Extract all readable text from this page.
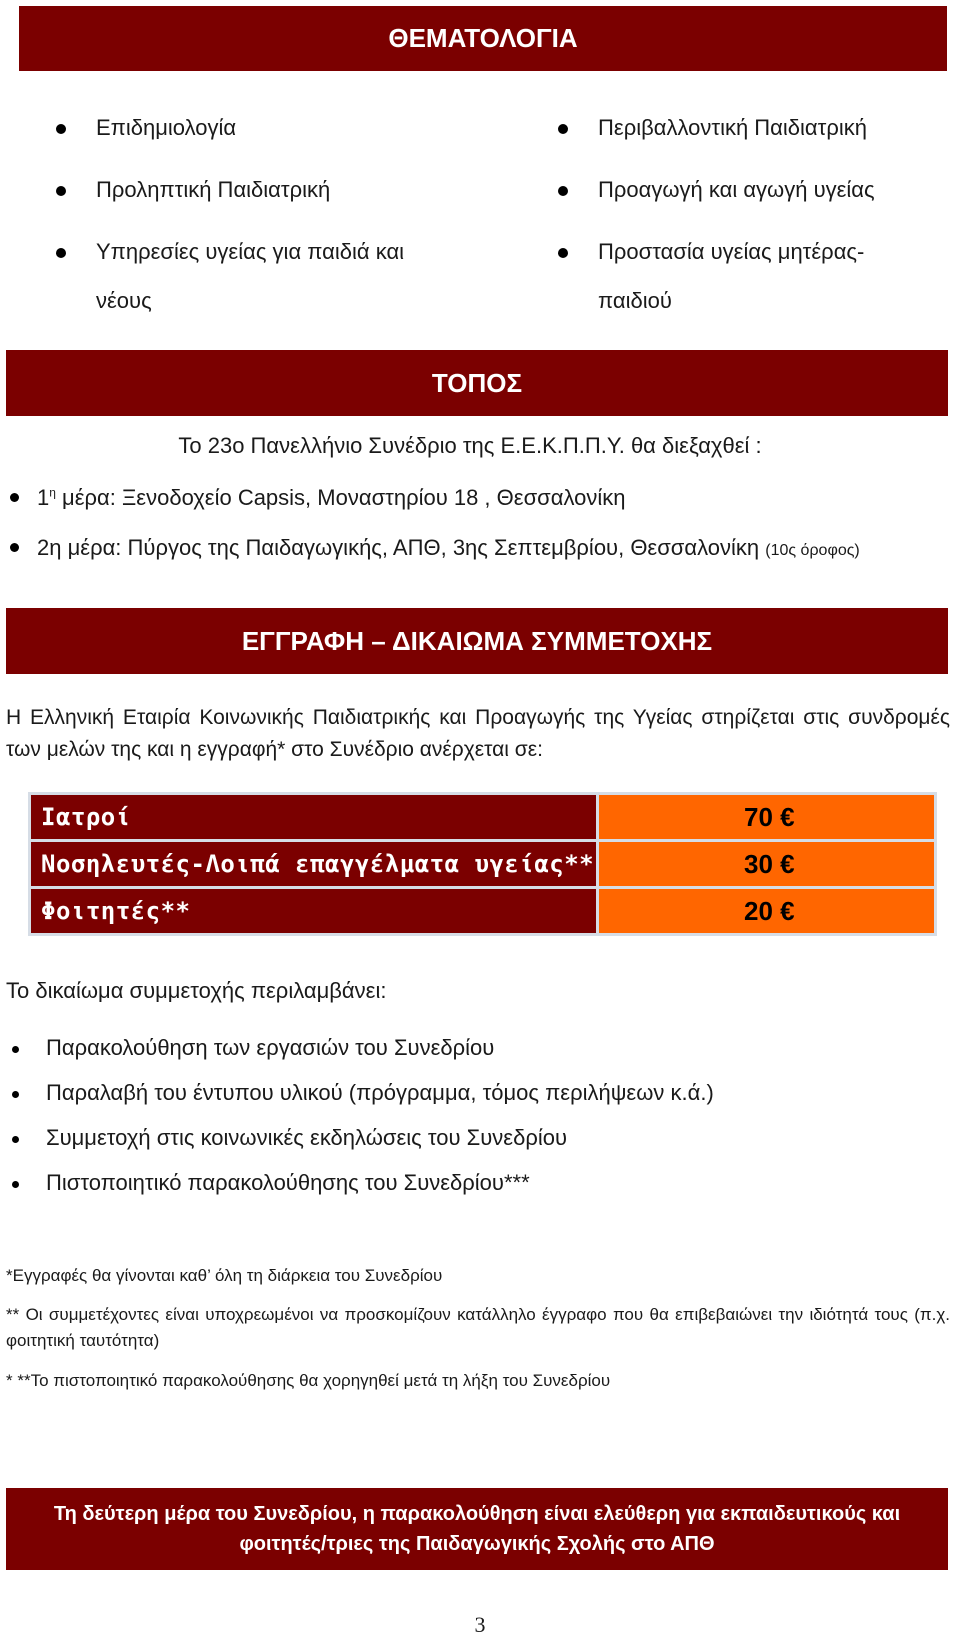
ΘΕΜΑΤΟΛΟΓΙΑ
Επιδημιολογία
Προληπτική Παιδιατρική
Υπηρεσίες υγείας για παιδιά και
νέους
Περιβαλλοντική Παιδιατρική
Προαγωγή και αγωγή υγείας
Προστασία υγείας μητέρας-
παιδιού
ΤΟΠΟΣ
Το 23ο Πανελλήνιο Συνέδριο της Ε.Ε.Κ.Π.Π.Υ. θα διεξαχθεί :
$1^\eta$ μέρα: Ξενοδοχείο Capsis, Μοναστηρίου 18 , Θεσσαλονίκη
2η μέρα: Πύργος της Παιδαγωγικής, ΑΠΘ, 3ης Σεπτεμβρίου, Θεσσαλονίκη (10ς όροφος)
ΕΓΓΡΑΦΗ – ΔΙΚΑΙΩΜΑ ΣΥΜΜΕΤΟΧΗΣ
Η Ελληνική Εταιρία Κοινωνικής Παιδιατρικής και Προαγωγής της Υγείας στηρίζεται στις συνδρομές των μελών της και η εγγραφή* στο Συνέδριο ανέρχεται σε:
Ιατροί	70 €
Νοσηλευτές-Λοιπά επαγγέλματα υγείας**	30 €
Φοιτητές**	20 €
Το δικαίωμα συμμετοχής περιλαμβάνει:
Παρακολούθηση των εργασιών του Συνεδρίου
Παραλαβή του έντυπου υλικού (πρόγραμμα, τόμος περιλήψεων κ.ά.)
Συμμετοχή στις κοινωνικές εκδηλώσεις του Συνεδρίου
Πιστοποιητικό παρακολούθησης του Συνεδρίου***
*Εγγραφές θα γίνονται καθ’ όλη τη διάρκεια του Συνεδρίου
** Οι συμμετέχοντες είναι υποχρεωμένοι να προσκομίζουν κατάλληλο έγγραφο που θα επιβεβαιώνει την ιδιότητά τους (π.χ. φοιτητική ταυτότητα)
* **Το πιστοποιητικό παρακολούθησης θα χορηγηθεί μετά τη λήξη του Συνεδρίου
Τη δεύτερη μέρα του Συνεδρίου, η παρακολούθηση είναι ελεύθερη για εκπαιδευτικούς και φοιτητές/τριες της Παιδαγωγικής Σχολής στο ΑΠΘ
3
